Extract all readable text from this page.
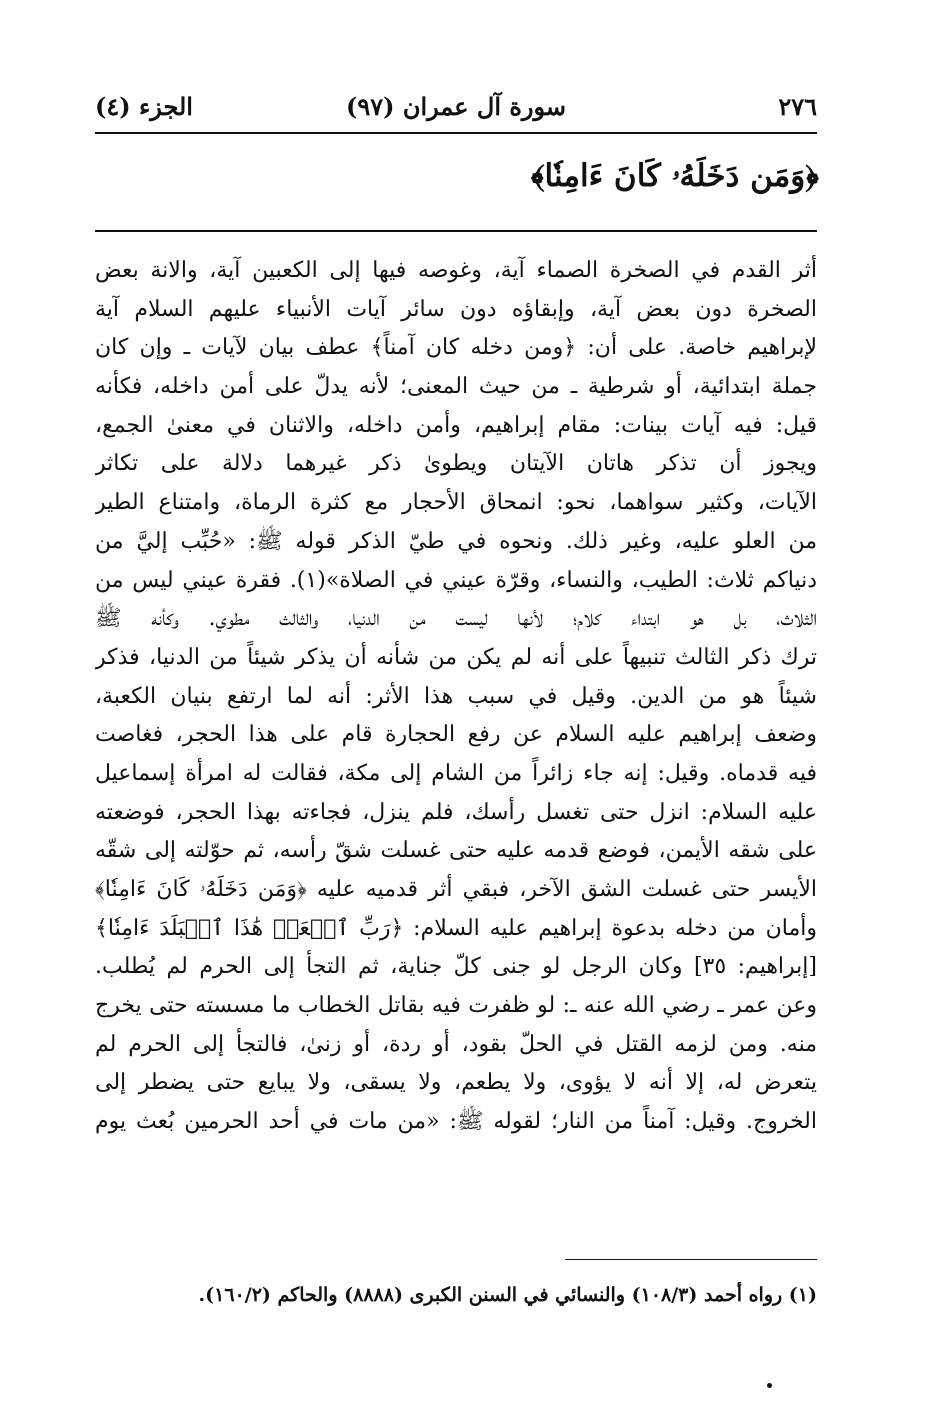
٢٧٦
سورة آل عمران (٩٧)
الجزء (٤)
﴿وَمَن دَخَلَهُۥ كَانَ ءَامِنٗا﴾
أثر القدم في الصخرة الصماء آية، وغوصه فيها إلى الكعبين آية، والانة بعض
الصخرة دون بعض آية، وإبقاؤه دون سائر آيات الأنبياء عليهم السلام آية
لإبراهيم خاصة. على أن: ﴿ومن دخله كان آمناً﴾ عطف بيان لآيات ـ وإن كان
جملة ابتدائية، أو شرطية ـ من حيث المعنى؛ لأنه يدلّ على أمن داخله، فكأنه
قيل: فيه آيات بينات: مقام إبراهيم، وأمن داخله، والاثنان في معنىٰ الجمع،
ويجوز أن تذكر هاتان الآيتان ويطوىٰ ذكر غيرهما دلالة على تكاثر
الآيات، وكثير سواهما، نحو: انمحاق الأحجار مع كثرة الرماة، وامتناع الطير
من العلو عليه، وغير ذلك. ونحوه في طيّ الذكر قوله ﷺ: «حُبِّب إليَّ من
دنياكم ثلاث: الطيب، والنساء، وقرّة عيني في الصلاة»(١). فقرة عيني ليس من
الثلاث، بل هو ابتداء كلام؛ لأنها ليست من الدنيا، والثالث مطوي. وكأنه ﷺ
ترك ذكر الثالث تنبيهاً على أنه لم يكن من شأنه أن يذكر شيئاً من الدنيا، فذكر
شيئاً هو من الدين. وقيل في سبب هذا الأثر: أنه لما ارتفع بنيان الكعبة،
وضعف إبراهيم عليه السلام عن رفع الحجارة قام على هذا الحجر، فغاصت
فيه قدماه. وقيل: إنه جاء زائراً من الشام إلى مكة، فقالت له امرأة إسماعيل
عليه السلام: انزل حتى تغسل رأسك، فلم ينزل، فجاءته بهذا الحجر، فوضعته
على شقه الأيمن، فوضع قدمه عليه حتى غسلت شقّ رأسه، ثم حوّلته إلى شقّه
الأيسر حتى غسلت الشق الآخر، فبقي أثر قدميه عليه ﴿وَمَن دَخَلَهُۥ كَانَ ءَامِنٗا﴾
وأمان من دخله بدعوة إبراهيم عليه السلام: ﴿رَبِّ ٱجۡعَلۡ هَٰذَا ٱلۡبَلَدَ ءَامِنٗا﴾
[إبراهيم: ٣٥] وكان الرجل لو جنى كلّ جناية، ثم التجأ إلى الحرم لم يُطلب.
وعن عمر ـ رضي الله عنه ـ: لو ظفرت فيه بقاتل الخطاب ما مسسته حتى يخرج
منه. ومن لزمه القتل في الحلّ بقود، أو ردة، أو زنىٰ، فالتجأ إلى الحرم لم
يتعرض له، إلا أنه لا يؤوى، ولا يطعم، ولا يسقى، ولا يبايع حتى يضطر إلى
الخروج. وقيل: آمناً من النار؛ لقوله ﷺ: «من مات في أحد الحرمين بُعث يوم
(١) رواه أحمد (١٠٨/٣) والنسائي في السنن الكبرى (٨٨٨٨) والحاكم (١٦٠/٢).
